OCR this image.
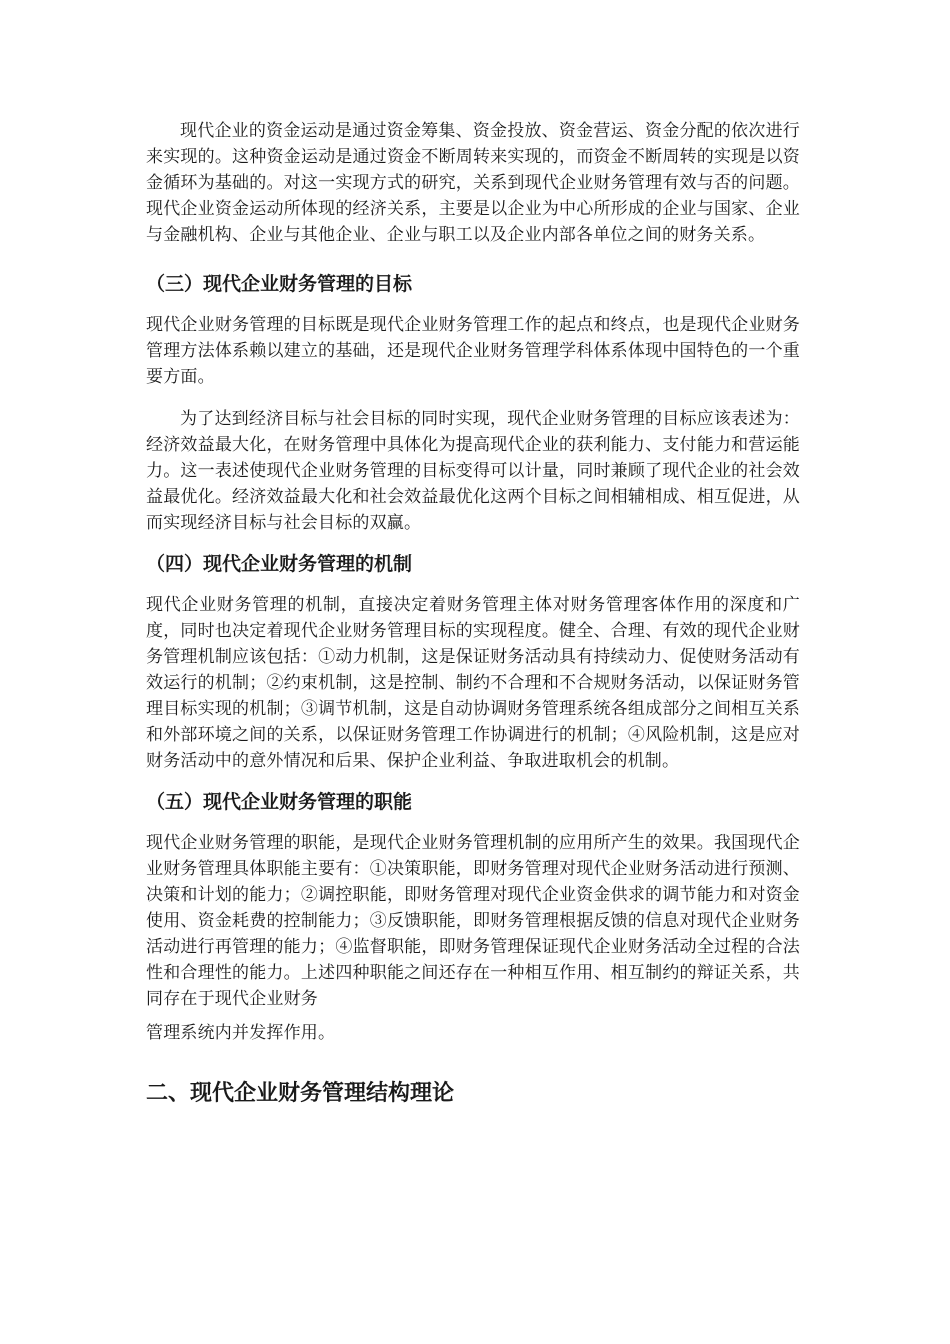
现代企业的资金运动是通过资金筹集、资金投放、资金营运、资金分配的依次进行来实现的。这种资金运动是通过资金不断周转来实现的，而资金不断周转的实现是以资金循环为基础的。对这一实现方式的研究，关系到现代企业财务管理有效与否的问题。现代企业资金运动所体现的经济关系，主要是以企业为中心所形成的企业与国家、企业与金融机构、企业与其他企业、企业与职工以及企业内部各单位之间的财务关系。

（三）现代企业财务管理的目标

现代企业财务管理的目标既是现代企业财务管理工作的起点和终点，也是现代企业财务管理方法体系赖以建立的基础，还是现代企业财务管理学科体系体现中国特色的一个重要方面。

为了达到经济目标与社会目标的同时实现，现代企业财务管理的目标应该表述为：经济效益最大化，在财务管理中具体化为提高现代企业的获利能力、支付能力和营运能力。这一表述使现代企业财务管理的目标变得可以计量，同时兼顾了现代企业的社会效益最优化。经济效益最大化和社会效益最优化这两个目标之间相辅相成、相互促进，从而实现经济目标与社会目标的双赢。

（四）现代企业财务管理的机制

现代企业财务管理的机制，直接决定着财务管理主体对财务管理客体作用的深度和广度，同时也决定着现代企业财务管理目标的实现程度。健全、合理、有效的现代企业财务管理机制应该包括：①动力机制，这是保证财务活动具有持续动力、促使财务活动有效运行的机制；②约束机制，这是控制、制约不合理和不合规财务活动，以保证财务管理目标实现的机制；③调节机制，这是自动协调财务管理系统各组成部分之间相互关系和外部环境之间的关系，以保证财务管理工作协调进行的机制；④风险机制，这是应对财务活动中的意外情况和后果、保护企业利益、争取进取机会的机制。

（五）现代企业财务管理的职能

现代企业财务管理的职能，是现代企业财务管理机制的应用所产生的效果。我国现代企业财务管理具体职能主要有：①决策职能，即财务管理对现代企业财务活动进行预测、决策和计划的能力；②调控职能，即财务管理对现代企业资金供求的调节能力和对资金使用、资金耗费的控制能力；③反馈职能，即财务管理根据反馈的信息对现代企业财务活动进行再管理的能力；④监督职能，即财务管理保证现代企业财务活动全过程的合法性和合理性的能力。上述四种职能之间还存在一种相互作用、相互制约的辩证关系，共同存在于现代企业财务

管理系统内并发挥作用。

二、现代企业财务管理结构理论
